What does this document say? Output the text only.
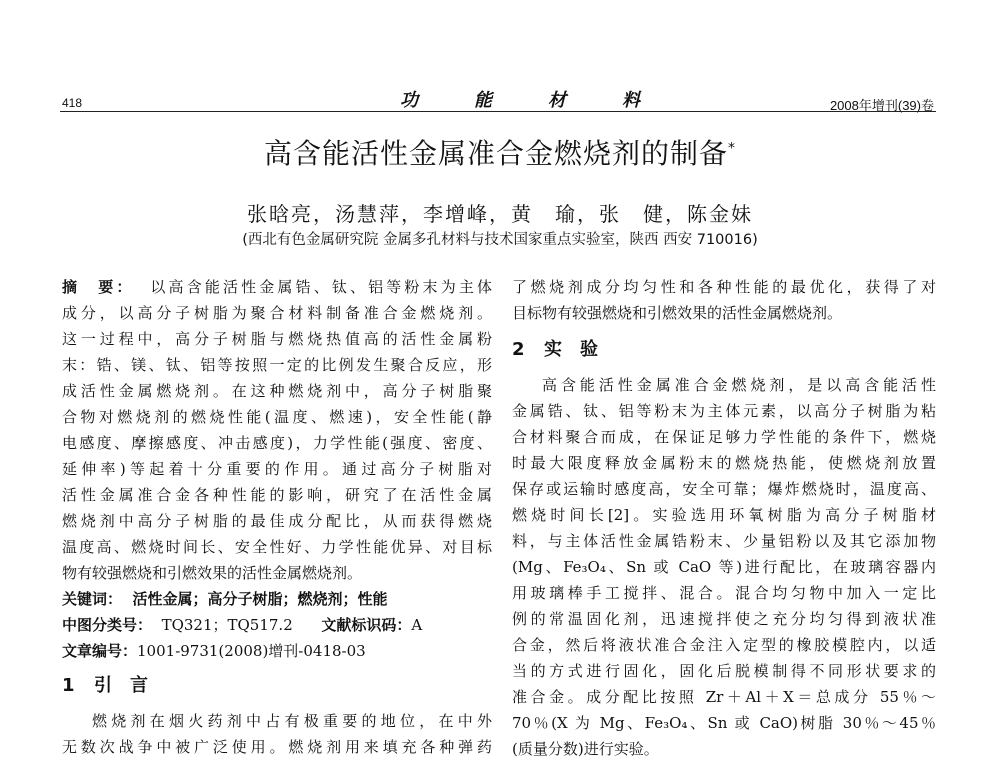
418	功	能	材	料	2008年增刊(39)卷
高含能活性金属准合金燃烧剂的制备*
张晗亮，汤慧萍，李增峰，黄　瑜，张　健，陈金妹
(西北有色金属研究院 金属多孔材料与技术国家重点实验室，陕西 西安 710016)
摘　要： 以高含能活性金属锆、钛、铝等粉末为主体
成分，以高分子树脂为聚合材料制备准合金燃烧剂。
这一过程中，高分子树脂与燃烧热值高的活性金属粉
末：锆、镁、钛、铝等按照一定的比例发生聚合反应，形
成活性金属燃烧剂。在这种燃烧剂中，高分子树脂聚
合物对燃烧剂的燃烧性能(温度、燃速)，安全性能(静
电感度、摩擦感度、冲击感度)，力学性能(强度、密度、
延伸率)等起着十分重要的作用。通过高分子树脂对
活性金属准合金各种性能的影响，研究了在活性金属
燃烧剂中高分子树脂的最佳成分配比，从而获得燃烧
温度高、燃烧时间长、安全性好、力学性能优异、对目标
物有较强燃烧和引燃效果的活性金属燃烧剂。
关键词： 活性金属；高分子树脂；燃烧剂；性能
中图分类号： TQ321；TQ517.2 文献标识码：A
文章编号：1001-9731(2008)增刊-0418-03
1 引　言
燃烧剂在烟火药剂中占有极重要的地位，在中外
无数次战争中被广泛使用。燃烧剂用来填充各种弹药
了燃烧剂成分均匀性和各种性能的最优化，获得了对
目标物有较强燃烧和引燃效果的活性金属燃烧剂。
2 实　验
高含能活性金属准合金燃烧剂，是以高含能活性
金属锆、钛、铝等粉末为主体元素，以高分子树脂为粘
合材料聚合而成，在保证足够力学性能的条件下，燃烧
时最大限度释放金属粉末的燃烧热能，使燃烧剂放置
保存或运输时感度高，安全可靠；爆炸燃烧时，温度高、
燃烧时间长[2]。实验选用环氧树脂为高分子树脂材
料，与主体活性金属锆粉末、少量铝粉以及其它添加物
(Mg、Fe₃O₄、Sn 或 CaO 等)进行配比，在玻璃容器内
用玻璃棒手工搅拌、混合。混合均匀物中加入一定比
例的常温固化剂，迅速搅拌使之充分均匀得到液状准
合金，然后将液状准合金注入定型的橡胶模腔内，以适
当的方式进行固化，固化后脱模制得不同形状要求的
准合金。成分配比按照 Zr＋Al＋X＝总成分 55％～
70％(X 为 Mg、Fe₃O₄、Sn 或 CaO)树脂 30％～45％
(质量分数)进行实验。
